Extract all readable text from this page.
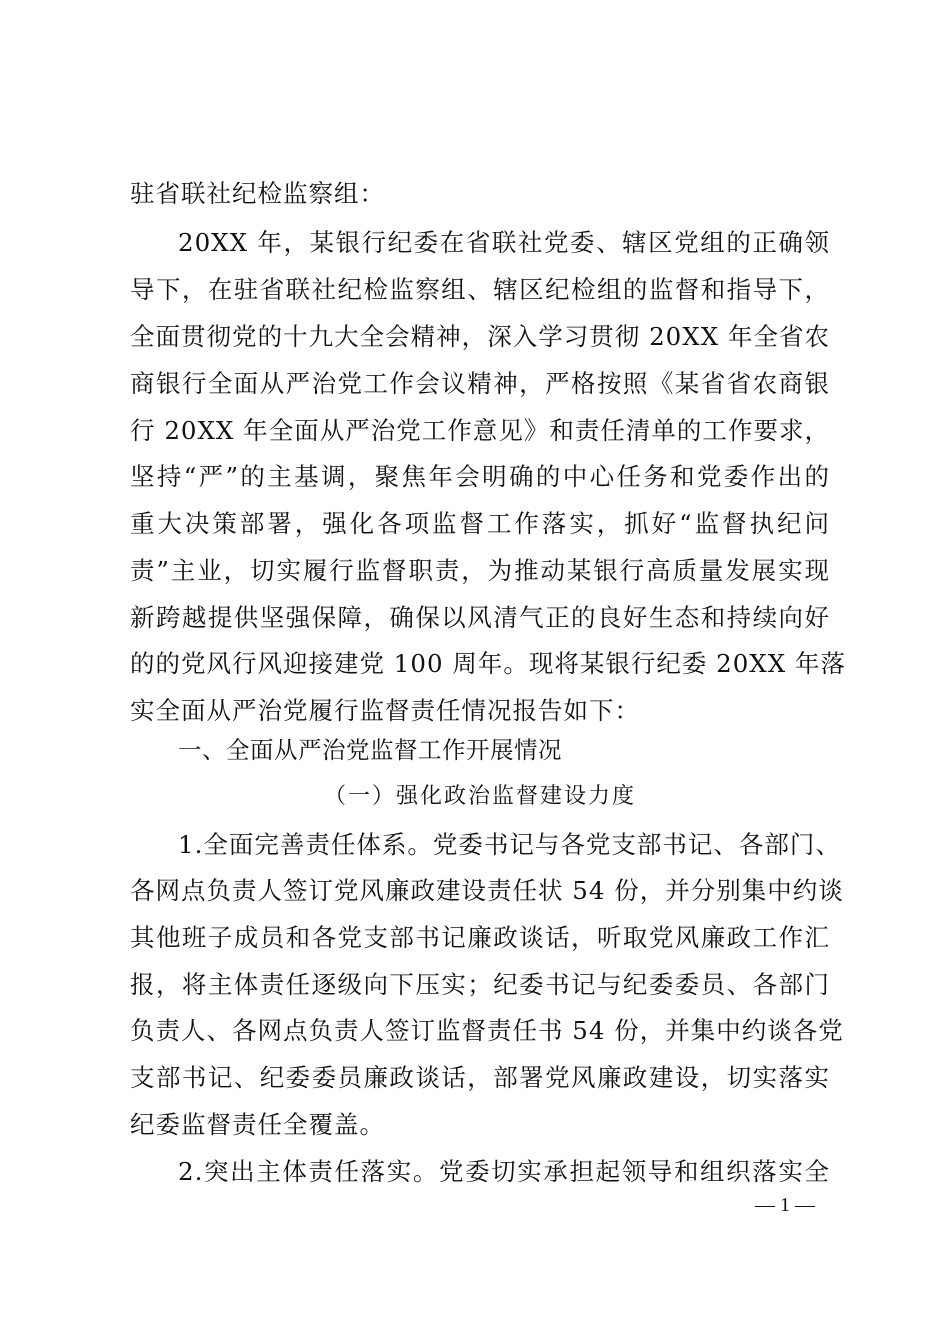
驻省联社纪检监察组：
20XX 年，某银行纪委在省联社党委、辖区党组的正确领
导下，在驻省联社纪检监察组、辖区纪检组的监督和指导下，
全面贯彻党的十九大全会精神，深入学习贯彻 20XX 年全省农
商银行全面从严治党工作会议精神，严格按照《某省省农商银
行 20XX 年全面从严治党工作意见》和责任清单的工作要求，
坚持“严”的主基调，聚焦年会明确的中心任务和党委作出的
重大决策部署，强化各项监督工作落实，抓好“监督执纪问
责”主业，切实履行监督职责，为推动某银行高质量发展实现
新跨越提供坚强保障，确保以风清气正的良好生态和持续向好
的的党风行风迎接建党 100 周年。现将某银行纪委 20XX 年落
实全面从严治党履行监督责任情况报告如下：
一、全面从严治党监督工作开展情况
（一）强化政治监督建设力度
1.全面完善责任体系。党委书记与各党支部书记、各部门、
各网点负责人签订党风廉政建设责任状 54 份，并分别集中约谈
其他班子成员和各党支部书记廉政谈话，听取党风廉政工作汇
报，将主体责任逐级向下压实；纪委书记与纪委委员、各部门
负责人、各网点负责人签订监督责任书 54 份，并集中约谈各党
支部书记、纪委委员廉政谈话，部署党风廉政建设，切实落实
纪委监督责任全覆盖。
2.突出主体责任落实。党委切实承担起领导和组织落实全
— 1 —
